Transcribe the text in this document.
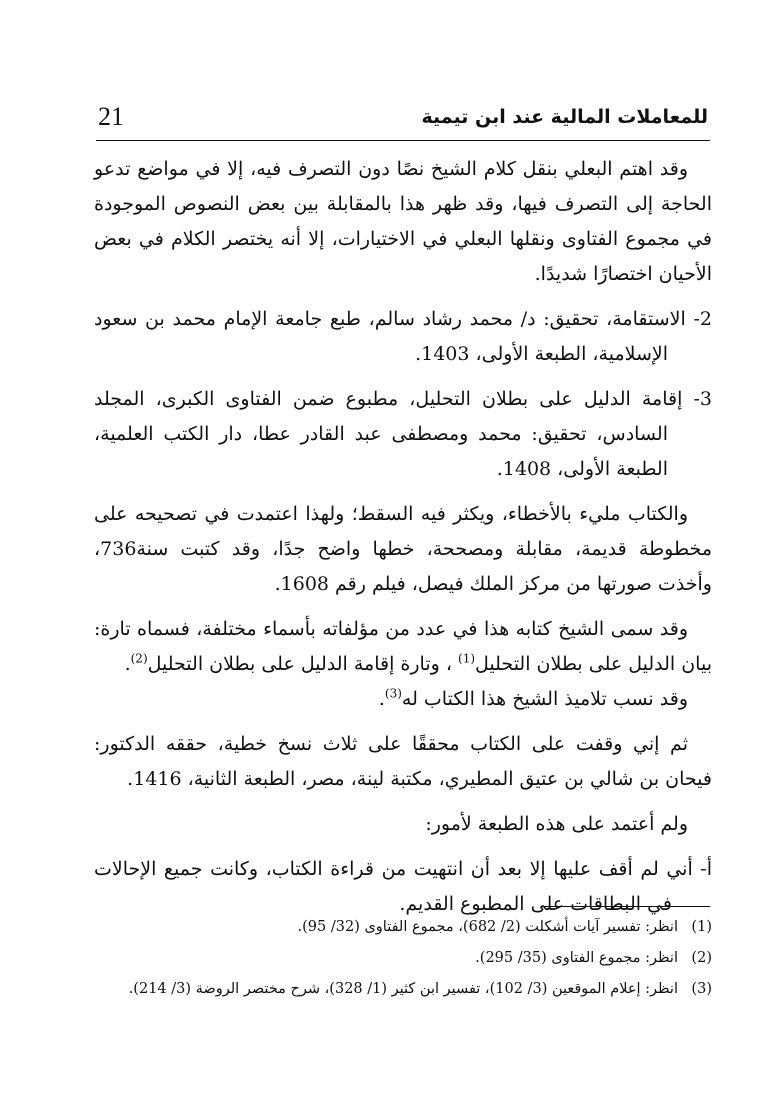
21	للمعاملات المالية عند ابن تيمية

وقد اهتم البعلي بنقل كلام الشيخ نصًا دون التصرف فيه، إلا في مواضع تدعو الحاجة إلى التصرف فيها، وقد ظهر هذا بالمقابلة بين بعض النصوص الموجودة في مجموع الفتاوى ونقلها البعلي في الاختيارات، إلا أنه يختصر الكلام في بعض الأحيان اختصارًا شديدًا.

2- الاستقامة، تحقيق: د/ محمد رشاد سالم، طبع جامعة الإمام محمد بن سعود الإسلامية، الطبعة الأولى، 1403.

3- إقامة الدليل على بطلان التحليل، مطبوع ضمن الفتاوى الكبرى، المجلد السادس، تحقيق: محمد ومصطفى عبد القادر عطا، دار الكتب العلمية، الطبعة الأولى، 1408.

والكتاب مليء بالأخطاء، ويكثر فيه السقط؛ ولهذا اعتمدت في تصحيحه على مخطوطة قديمة، مقابلة ومصححة، خطها واضح جدًا، وقد كتبت سنة736، وأخذت صورتها من مركز الملك فيصل، فيلم رقم 1608.

وقد سمى الشيخ كتابه هذا في عدد من مؤلفاته بأسماء مختلفة، فسماه تارة: بيان الدليل على بطلان التحليل$^{(1)}$ ، وتارة إقامة الدليل على بطلان التحليل$^{(2)}$.

وقد نسب تلاميذ الشيخ هذا الكتاب له$^{(3)}$.

ثم إني وقفت على الكتاب محققًا على ثلاث نسخ خطية، حققه الدكتور: فيحان بن شالي بن عتيق المطيري، مكتبة لينة، مصر، الطبعة الثانية، 1416.

ولم أعتمد على هذه الطبعة لأمور:

أ- أني لم أقف عليها إلا بعد أن انتهيت من قراءة الكتاب، وكانت جميع الإحالات في البطاقات على المطبوع القديم.

(1)انظر: تفسير آيات أشكلت (2/ 682)، مجموع الفتاوى (32/ 95).
(2)انظر: مجموع الفتاوى (35/ 295).
(3)انظر: إعلام الموقعين (3/ 102)، تفسير ابن كثير (1/ 328)، شرح مختصر الروضة (3/ 214).
